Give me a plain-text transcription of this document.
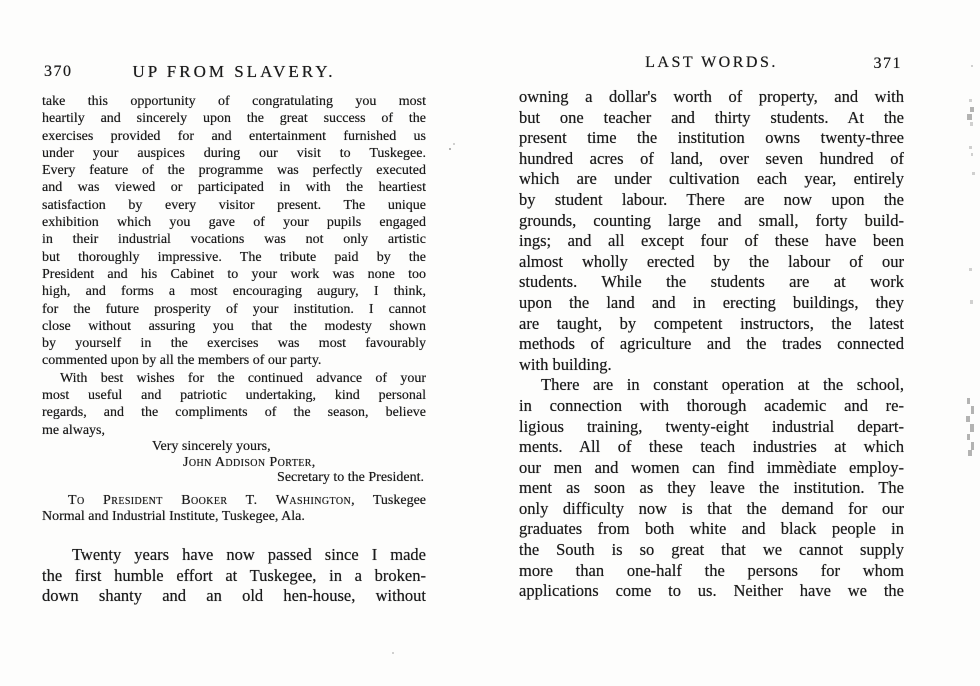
370	UP FROM SLAVERY.
take this opportunity of congratulating you most
heartily and sincerely upon the great success of the
exercises provided for and entertainment furnished us
under your auspices during our visit to Tuskegee.
Every feature of the programme was perfectly executed
and was viewed or participated in with the heartiest
satisfaction by every visitor present. The unique
exhibition which you gave of your pupils engaged
in their industrial vocations was not only artistic
but thoroughly impressive. The tribute paid by the
President and his Cabinet to your work was none too
high, and forms a most encouraging augury, I think,
for the future prosperity of your institution. I cannot
close without assuring you that the modesty shown
by yourself in the exercises was most favourably
commented upon by all the members of our party.
With best wishes for the continued advance of your
most useful and patriotic undertaking, kind personal
regards, and the compliments of the season, believe
me always,
Very sincerely yours,
John Addison Porter,
Secretary to the President.
To President Booker T. Washington, Tuskegee
Normal and Industrial Institute, Tuskegee, Ala.
Twenty years have now passed since I made
the first humble effort at Tuskegee, in a broken-
down shanty and an old hen-house, without
LAST WORDS.	371
owning a dollar's worth of property, and with
but one teacher and thirty students. At the
present time the institution owns twenty-three
hundred acres of land, over seven hundred of
which are under cultivation each year, entirely
by student labour. There are now upon the
grounds, counting large and small, forty build-
ings; and all except four of these have been
almost wholly erected by the labour of our
students. While the students are at work
upon the land and in erecting buildings, they
are taught, by competent instructors, the latest
methods of agriculture and the trades connected
with building.
There are in constant operation at the school,
in connection with thorough academic and re-
ligious training, twenty-eight industrial depart-
ments. All of these teach industries at which
our men and women can find immèdiate employ-
ment as soon as they leave the institution. The
only difficulty now is that the demand for our
graduates from both white and black people in
the South is so great that we cannot supply
more than one-half the persons for whom
applications come to us. Neither have we the
